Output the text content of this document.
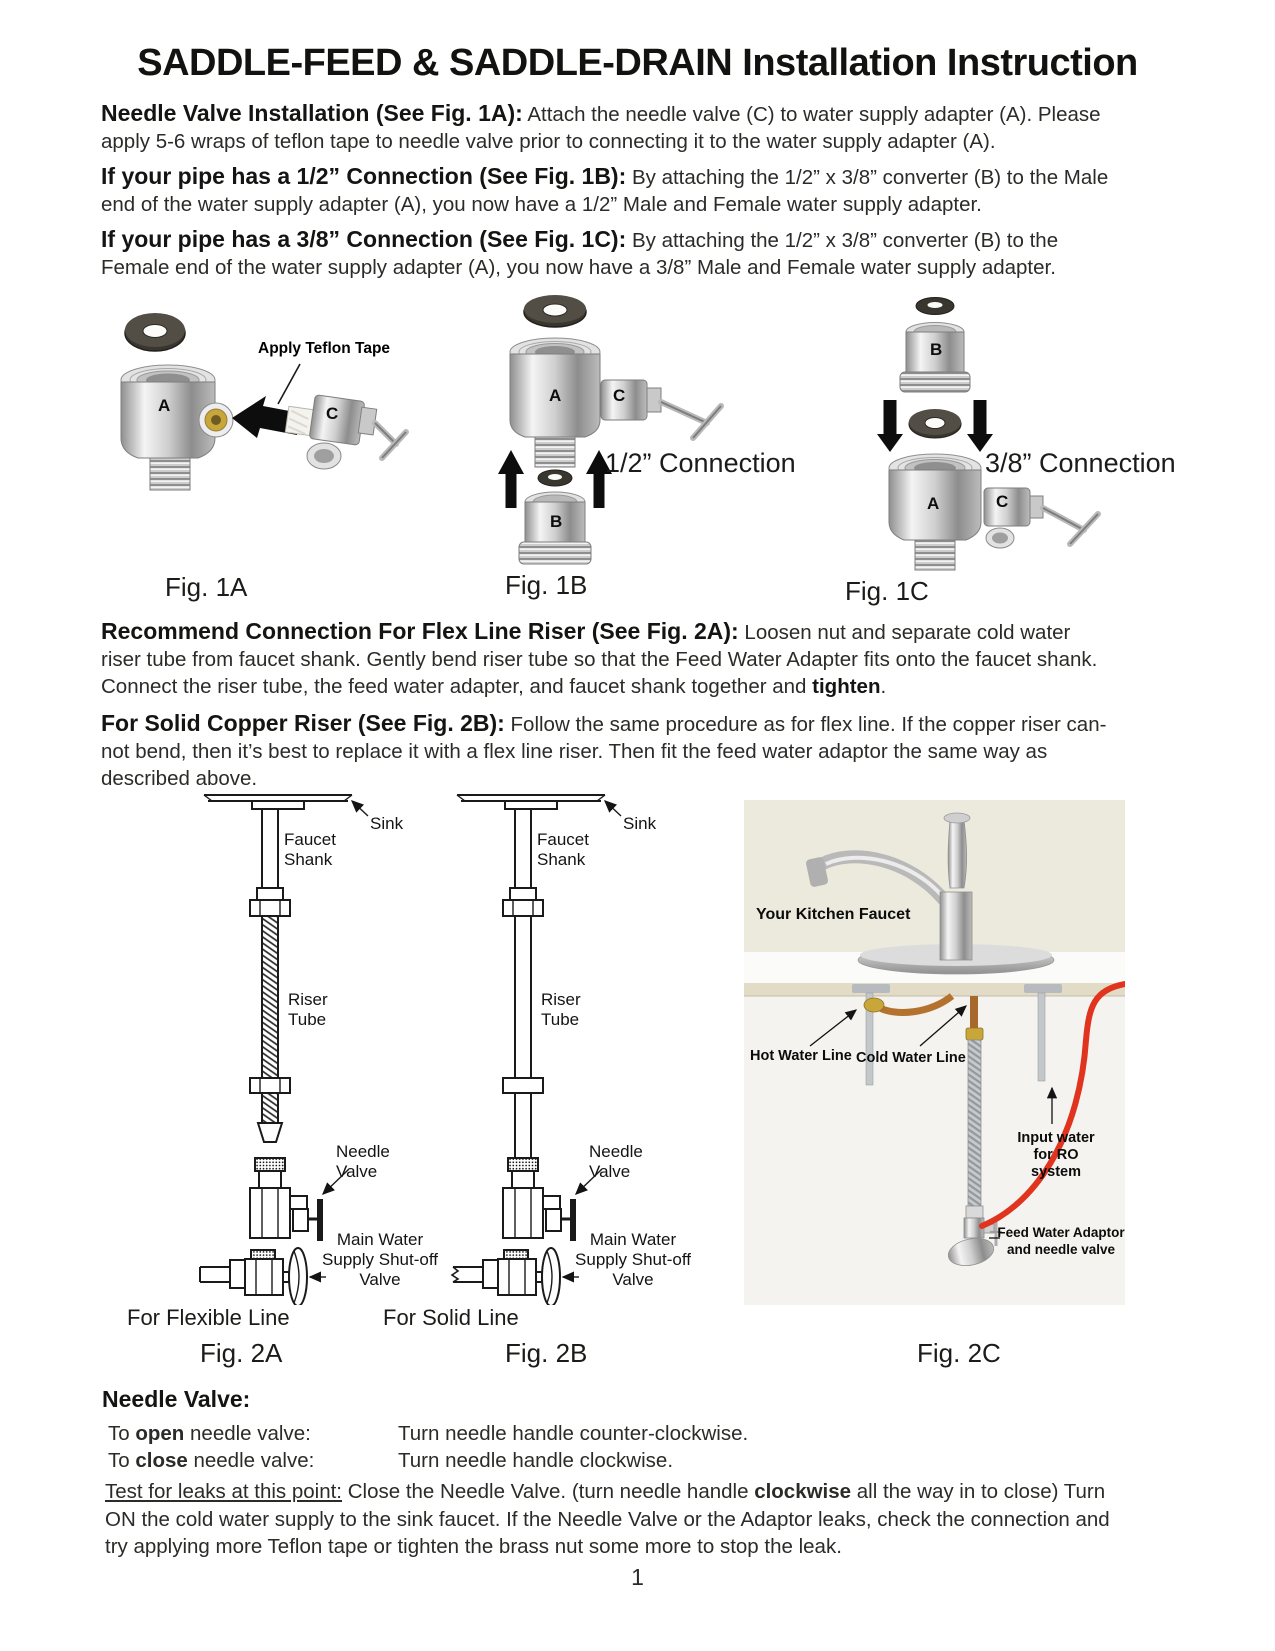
SADDLE-FEED & SADDLE-DRAIN Installation Instruction

Needle Valve Installation (See Fig. 1A): Attach the needle valve (C) to water supply adapter (A). Please apply 5-6 wraps of teflon tape to needle valve prior to connecting it to the water supply adapter (A).

If your pipe has a 1/2” Connection (See Fig. 1B): By attaching the 1/2” x 3/8” converter (B) to the Male end of the water supply adapter (A), you now have a 1/2” Male and Female water supply adapter.

If your pipe has a 3/8” Connection (See Fig. 1C): By attaching the 1/2” x 3/8” converter (B) to the Female end of the water supply adapter (A), you now have a 3/8” Male and Female water supply adapter.

Apply Teflon Tape
A	C
Fig. 1A
A	C
B
1/2” Connection
Fig. 1B
B
A	C
3/8” Connection
Fig. 1C

Recommend Connection For Flex Line Riser (See Fig. 2A): Loosen nut and separate cold water riser tube from faucet shank. Gently bend riser tube so that the Feed Water Adapter fits onto the faucet shank. Connect the riser tube, the feed water adapter, and faucet shank together and tighten.

For Solid Copper Riser (See Fig. 2B): Follow the same procedure as for flex line. If the copper riser can-not bend, then it’s best to replace it with a flex line riser. Then fit the feed water adaptor the same way as described above.

Sink
Faucet Shank
Riser Tube
Needle Valve
Main Water Supply Shut-off Valve
For Flexible Line
Fig. 2A
Sink
Faucet Shank
Riser Tube
Needle Valve
Main Water Supply Shut-off Valve
For Solid Line
Fig. 2B
Your Kitchen Faucet
Hot Water Line Cold Water Line
Input water for RO system
Feed Water Adaptor and needle valve
Fig. 2C
Needle Valve:
To open needle valve:	Turn needle handle counter-clockwise.
To close needle valve:	Turn needle handle clockwise.

Test for leaks at this point: Close the Needle Valve. (turn needle handle clockwise all the way in to close) Turn ON the cold water supply to the sink faucet. If the Needle Valve or the Adaptor leaks, check the connection and try applying more Teflon tape or tighten the brass nut some more to stop the leak.

1
